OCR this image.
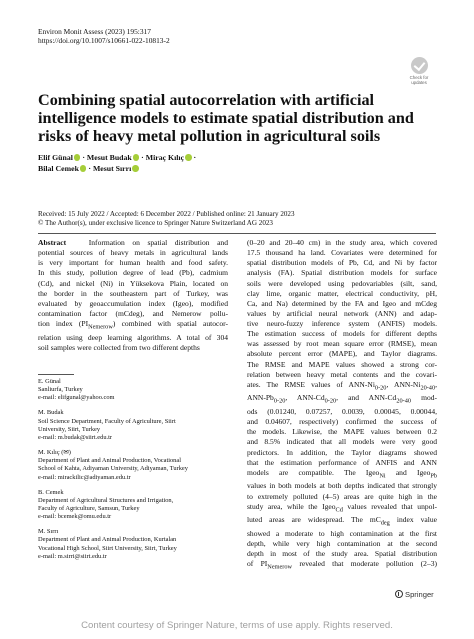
Environ Monit Assess (2023) 195:317
https://doi.org/10.1007/s10661-022-10813-2
Check for
updates
Combining spatial autocorrelation with artificial intelligence models to estimate spatial distribution and risks of heavy metal pollution in agricultural soils
Elif Günal · Mesut Budak · Miraç Kılıç ·
Bilal Cemek · Mesut Sırrı
Received: 15 July 2022 / Accepted: 6 December 2022 / Published online: 21 January 2023
© The Author(s), under exclusive licence to Springer Nature Switzerland AG 2023
Abstract	Information on spatial distribution and
potential sources of heavy metals in agricultural lands
is very important for human health and food safety.
In this study, pollution degree of lead (Pb), cadmium
(Cd), and nickel (Ni) in Yüksekova Plain, located on
the border in the southeastern part of Turkey, was
evaluated by geoaccumulation index (Igeo), modified
contamination factor (mCdeg), and Nemerow pollu-
tion index $(PI_{Nemerow})$ combined with spatial autocor-
relation using deep learning algorithms. A total of 304
soil samples were collected from two different depths
(0–20 and 20–40 cm) in the study area, which covered
17.5 thousand ha land. Covariates were determined for
spatial distribution models of Pb, Cd, and Ni by factor
analysis (FA). Spatial distribution models for surface
soils were developed using pedovariables (silt, sand,
clay lime, organic matter, electrical conductivity, pH,
Ca, and Na) determined by the FA and Igeo and mCdeg
values by artificial neural network (ANN) and adap-
tive neuro-fuzzy inference system (ANFIS) models.
The estimation success of models for different depths
was assessed by root mean square error (RMSE), mean
absolute percent error (MAPE), and Taylor diagrams.
The RMSE and MAPE values showed a strong cor-
relation between heavy metal contents and the covari-
ates. The RMSE values of ANN-$Ni_{0-20}$, ANN-$Ni_{20-40}$,
ANN-$Pb_{0-20}$, ANN-$Cd_{0-20}$, and ANN-$Cd_{20-40}$ mod-
ods (0.01240, 0.07257, 0.0039, 0.00045, 0.00044,
and 0.04607, respectively) confirmed the success of
the models. Likewise, the MAPE values between 0.2
and 8.5% indicated that all models were very good
predictors. In addition, the Taylor diagrams showed
that the estimation performance of ANFIS and ANN
models are compatible. The Igeo$_{Ni}$ and Igeo$_{Pb}$
values in both models at both depths indicated that strongly
to extremely polluted (4–5) areas are quite high in the
study area, while the Igeo$_{Cd}$ values revealed that unpol-
luted areas are widespread. The $mC_{deg}$ index value
showed a moderate to high contamination at the first
depth, while very high contamination at the second
depth in most of the study area. Spatial distribution
of $PI_{Nemerow}$ revealed that moderate pollution (2–3)
E. Günal
Sanliurfa, Turkey
e-mail: elifgunal@yahoo.com
M. Budak
Soil Science Department, Faculty of Agriculture, Siirt
University, Siirt, Turkey
e-mail: m.budak@siirt.edu.tr
M. Kılıç (✉)
Department of Plant and Animal Production, Vocational
School of Kahta, Adiyaman University, Adiyaman, Turkey
e-mail: mirackilic@adiyaman.edu.tr
B. Cemek
Department of Agricultural Structures and Irrigation,
Faculty of Agriculture, Samsun, Turkey
e-mail: bcemek@omu.edu.tr
M. Sırrı
Department of Plant and Animal Production, Kurtalan
Vocational High School, Siirt University, Siirt, Turkey
e-mail: m.sirri@siirt.edu.tr
Springer
Content courtesy of Springer Nature, terms of use apply. Rights reserved.
